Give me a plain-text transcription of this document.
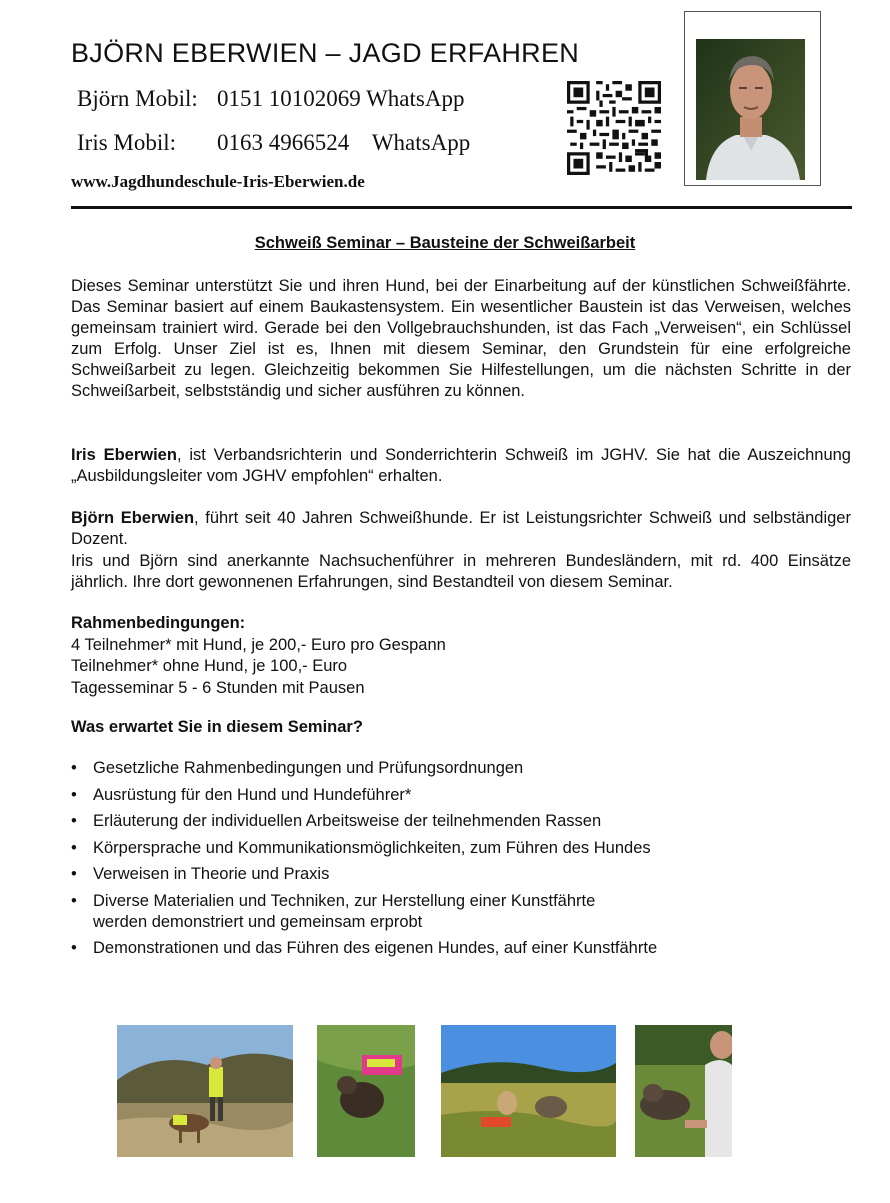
BJÖRN EBERWIEN – JAGD ERFAHREN
Björn Mobil: 0151 10102069 WhatsApp
Iris Mobil: 0163 4966524    WhatsApp
www.Jagdhundeschule-Iris-Eberwien.de
Schweiß Seminar – Bausteine der Schweißarbeit
Dieses Seminar unterstützt Sie und ihren Hund, bei der Einarbeitung auf der künstlichen Schweißfährte. Das Seminar basiert auf einem Baukastensystem. Ein wesentlicher Baustein ist das Verweisen, welches gemeinsam trainiert wird. Gerade bei den Vollgebrauchshunden, ist das Fach „Verweisen“, ein Schlüssel zum Erfolg. Unser Ziel ist es, Ihnen mit diesem Seminar, den Grundstein für eine erfolgreiche Schweißarbeit zu legen. Gleichzeitig bekommen Sie Hilfestellungen, um die nächsten Schritte in der Schweißarbeit, selbstständig und sicher ausführen zu können.
Iris Eberwien, ist Verbandsrichterin und Sonderrichterin Schweiß im JGHV. Sie hat die Auszeichnung „Ausbildungsleiter vom JGHV empfohlen“ erhalten.
Björn Eberwien, führt seit 40 Jahren Schweißhunde. Er ist Leistungsrichter Schweiß und selbständiger Dozent.
Iris und Björn sind anerkannte Nachsuchenführer in mehreren Bundesländern, mit rd. 400 Einsätze jährlich. Ihre dort gewonnenen Erfahrungen, sind Bestandteil von diesem Seminar.
Rahmenbedingungen:
4 Teilnehmer* mit Hund, je 200,- Euro pro Gespann
Teilnehmer* ohne Hund, je 100,- Euro
Tagesseminar 5 - 6 Stunden mit Pausen
Was erwartet Sie in diesem Seminar?
• Gesetzliche Rahmenbedingungen und Prüfungsordnungen
• Ausrüstung für den Hund und Hundeführer*
• Erläuterung der individuellen Arbeitsweise der teilnehmenden Rassen
• Körpersprache und Kommunikationsmöglichkeiten, zum Führen des Hundes
• Verweisen in Theorie und Praxis
• Diverse Materialien und Techniken, zur Herstellung einer Kunstfährte
werden demonstriert und gemeinsam erprobt
• Demonstrationen und das Führen des eigenen Hundes, auf einer Kunstfährte
